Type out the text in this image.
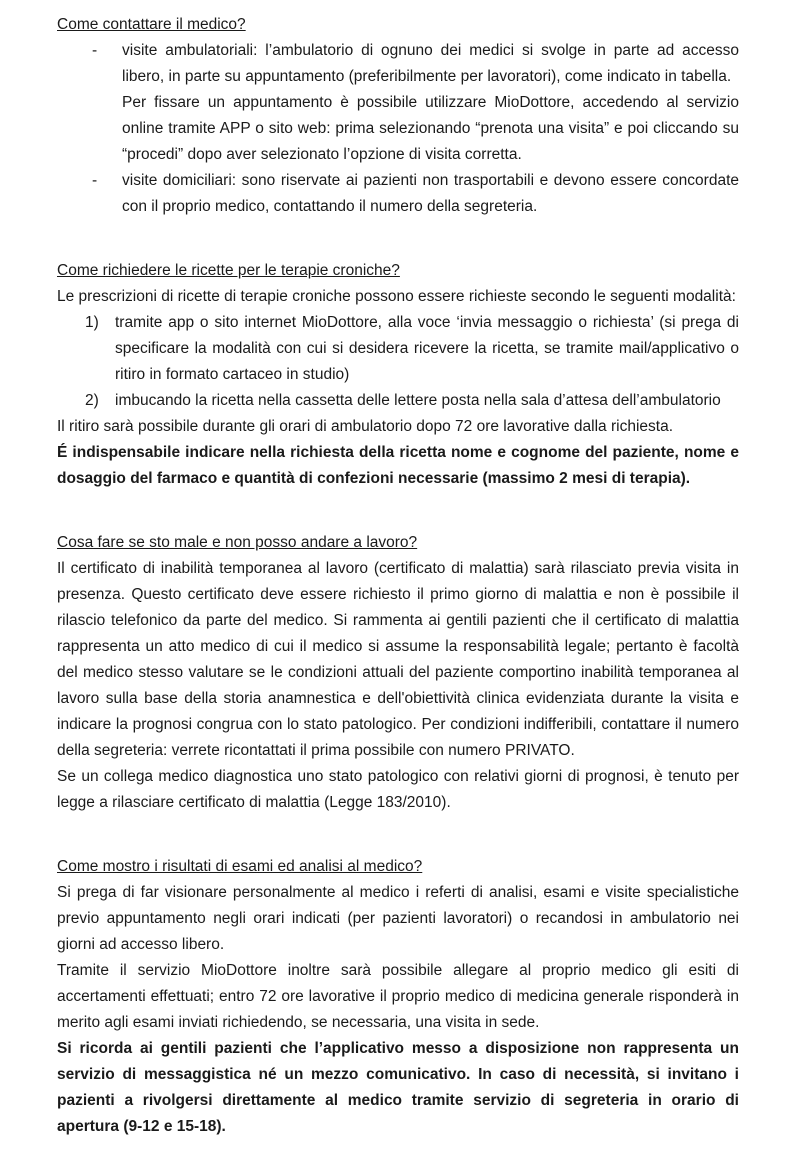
Come contattare il medico?
- visite ambulatoriali: l’ambulatorio di ognuno dei medici si svolge in parte ad accesso libero, in parte su appuntamento (preferibilmente per lavoratori), come indicato in tabella.
Per fissare un appuntamento è possibile utilizzare MioDottore, accedendo al servizio online tramite APP o sito web: prima selezionando “prenota una visita” e poi cliccando su “procedi” dopo aver selezionato l’opzione di visita corretta.
- visite domiciliari: sono riservate ai pazienti non trasportabili e devono essere concordate con il proprio medico, contattando il numero della segreteria.
Come richiedere le ricette per le terapie croniche?

Le prescrizioni di ricette di terapie croniche possono essere richieste secondo le seguenti modalità:

1) tramite app o sito internet MioDottore, alla voce ‘invia messaggio o richiesta’ (si prega di specificare la modalità con cui si desidera ricevere la ricetta, se tramite mail/applicativo o ritiro in formato cartaceo in studio)
2) imbucando la ricetta nella cassetta delle lettere posta nella sala d’attesa dell’ambulatorio

Il ritiro sarà possibile durante gli orari di ambulatorio dopo 72 ore lavorative dalla richiesta.

É indispensabile indicare nella richiesta della ricetta nome e cognome del paziente, nome e dosaggio del farmaco e quantità di confezioni necessarie (massimo 2 mesi di terapia).

Cosa fare se sto male e non posso andare a lavoro?

Il certificato di inabilità temporanea al lavoro (certificato di malattia) sarà rilasciato previa visita in presenza. Questo certificato deve essere richiesto il primo giorno di malattia e non è possibile il rilascio telefonico da parte del medico. Si rammenta ai gentili pazienti che il certificato di malattia rappresenta un atto medico di cui il medico si assume la responsabilità legale; pertanto è facoltà del medico stesso valutare se le condizioni attuali del paziente comportino inabilità temporanea al lavoro sulla base della storia anamnestica e dell'obiettività clinica evidenziata durante la visita e indicare la prognosi congrua con lo stato patologico. Per condizioni indifferibili, contattare il numero della segreteria: verrete ricontattati il prima possibile con numero PRIVATO.

Se un collega medico diagnostica uno stato patologico con relativi giorni di prognosi, è tenuto per legge a rilasciare certificato di malattia (Legge 183/2010).

Come mostro i risultati di esami ed analisi al medico?

Si prega di far visionare personalmente al medico i referti di analisi, esami e visite specialistiche previo appuntamento negli orari indicati (per pazienti lavoratori) o recandosi in ambulatorio nei giorni ad accesso libero.

Tramite il servizio MioDottore inoltre sarà possibile allegare al proprio medico gli esiti di accertamenti effettuati; entro 72 ore lavorative il proprio medico di medicina generale risponderà in merito agli esami inviati richiedendo, se necessaria, una visita in sede.

Si ricorda ai gentili pazienti che l’applicativo messo a disposizione non rappresenta un servizio di messaggistica né un mezzo comunicativo. In caso di necessità, si invitano i pazienti a rivolgersi direttamente al medico tramite servizio di segreteria in orario di apertura (9-12 e 15-18).
